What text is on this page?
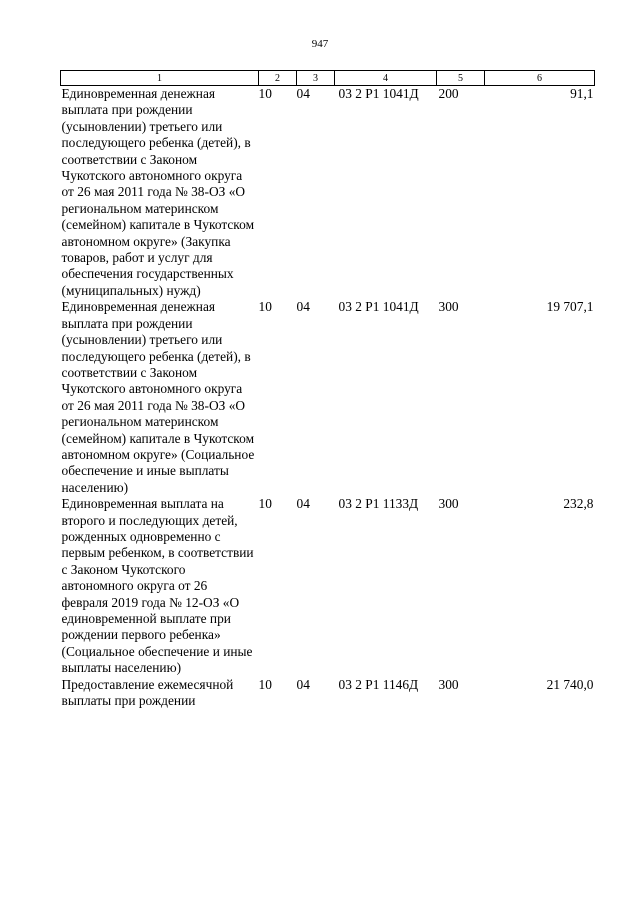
947
1	2	3	4	5	6
Единовременная денежная выплата при рождении (усыновлении) третьего или последующего ребенка (детей), в соответствии с Законом Чукотского автономного округа от 26 мая 2011 года № 38-ОЗ «О региональном материнском (семейном) капитале в Чукотском автономном округе» (Закупка товаров, работ и услуг для обеспечения государственных (муниципальных) нужд)	10	04	03 2 Р1 1041Д	200	91,1
Единовременная денежная выплата при рождении (усыновлении) третьего или последующего ребенка (детей), в соответствии с Законом Чукотского автономного округа от 26 мая 2011 года № 38-ОЗ «О региональном материнском (семейном) капитале в Чукотском автономном округе» (Социальное обеспечение и иные выплаты населению)	10	04	03 2 Р1 1041Д	300	19 707,1
Единовременная выплата на второго и последующих детей, рожденных одновременно с первым ребенком, в соответствии с Законом Чукотского автономного округа от 26 февраля 2019 года № 12-ОЗ «О единовременной выплате при рождении первого ребенка» (Социальное обеспечение и иные выплаты населению)	10	04	03 2 Р1 1133Д	300	232,8
Предоставление ежемесячной выплаты при рождении	10	04	03 2 Р1 1146Д	300	21 740,0
